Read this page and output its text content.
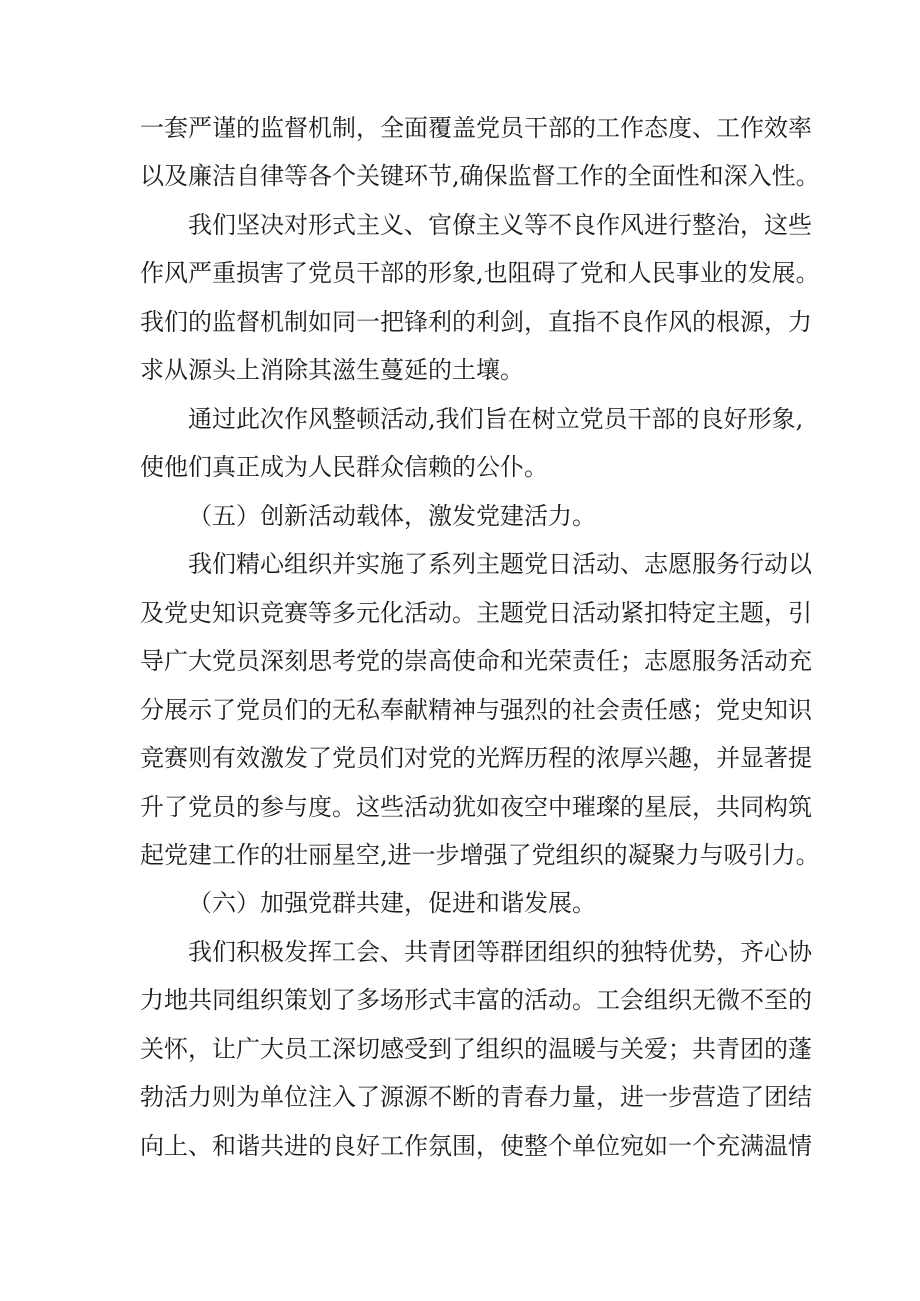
一套严谨的监督机制，全面覆盖党员干部的工作态度、工作效率

以及廉洁自律等各个关键环节,确保监督工作的全面性和深入性。

我们坚决对形式主义、官僚主义等不良作风进行整治，这些

作风严重损害了党员干部的形象,也阻碍了党和人民事业的发展。

我们的监督机制如同一把锋利的利剑，直指不良作风的根源，力

求从源头上消除其滋生蔓延的土壤。

通过此次作风整顿活动,我们旨在树立党员干部的良好形象,

使他们真正成为人民群众信赖的公仆。

（五）创新活动载体，激发党建活力。

我们精心组织并实施了系列主题党日活动、志愿服务行动以

及党史知识竞赛等多元化活动。主题党日活动紧扣特定主题，引

导广大党员深刻思考党的崇高使命和光荣责任；志愿服务活动充

分展示了党员们的无私奉献精神与强烈的社会责任感；党史知识

竞赛则有效激发了党员们对党的光辉历程的浓厚兴趣，并显著提

升了党员的参与度。这些活动犹如夜空中璀璨的星辰，共同构筑

起党建工作的壮丽星空,进一步增强了党组织的凝聚力与吸引力。

（六）加强党群共建，促进和谐发展。

我们积极发挥工会、共青团等群团组织的独特优势，齐心协

力地共同组织策划了多场形式丰富的活动。工会组织无微不至的

关怀，让广大员工深切感受到了组织的温暖与关爱；共青团的蓬

勃活力则为单位注入了源源不断的青春力量，进一步营造了团结

向上、和谐共进的良好工作氛围，使整个单位宛如一个充满温情
